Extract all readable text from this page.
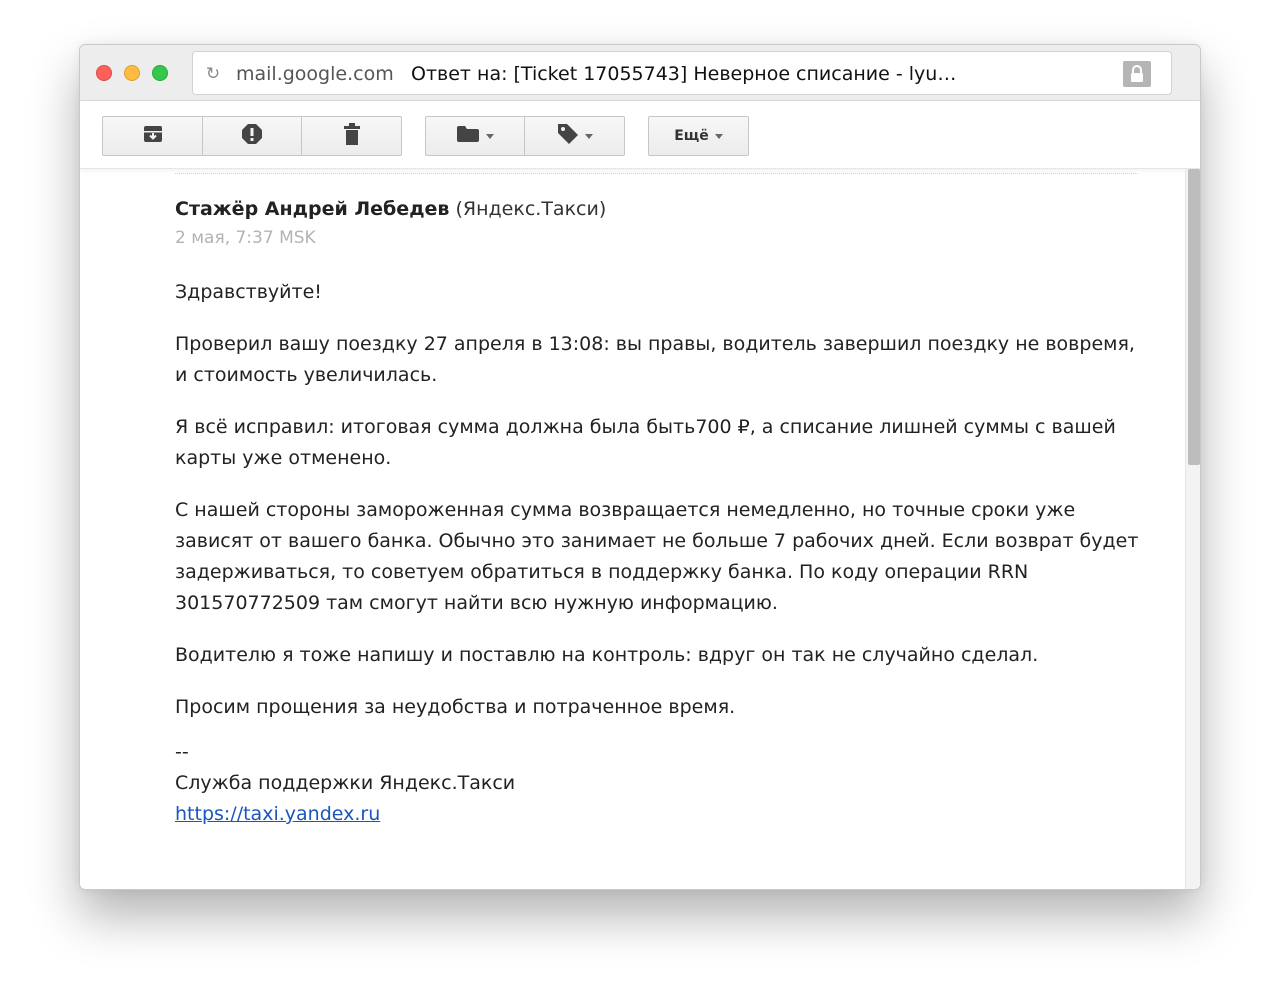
↻ mail.google.com Ответ на: [Ticket 17055743] Неверное списание - lyu…
Ещё
Стажёр Андрей Лебедев (Яндекс.Такси)
2 мая, 7:37 MSK

Здравствуйте!

Проверил вашу поездку 27 апреля в 13:08: вы правы, водитель завершил поездку не вовремя, и стоимость увеличилась.

Я всё исправил: итоговая сумма должна была быть700 ₽, а списание лишней суммы с вашей карты уже отменено.

С нашей стороны замороженная сумма возвращается немедленно, но точные сроки уже зависят от вашего банка. Обычно это занимает не больше 7 рабочих дней. Если возврат будет задерживаться, то советуем обратиться в поддержку банка. По коду операции RRN 301570772509 там смогут найти всю нужную информацию.

Водителю я тоже напишу и поставлю на контроль: вдруг он так не случайно сделал.

Просим прощения за неудобства и потраченное время.

--
Служба поддержки Яндекс.Такси
https://taxi.yandex.ru
